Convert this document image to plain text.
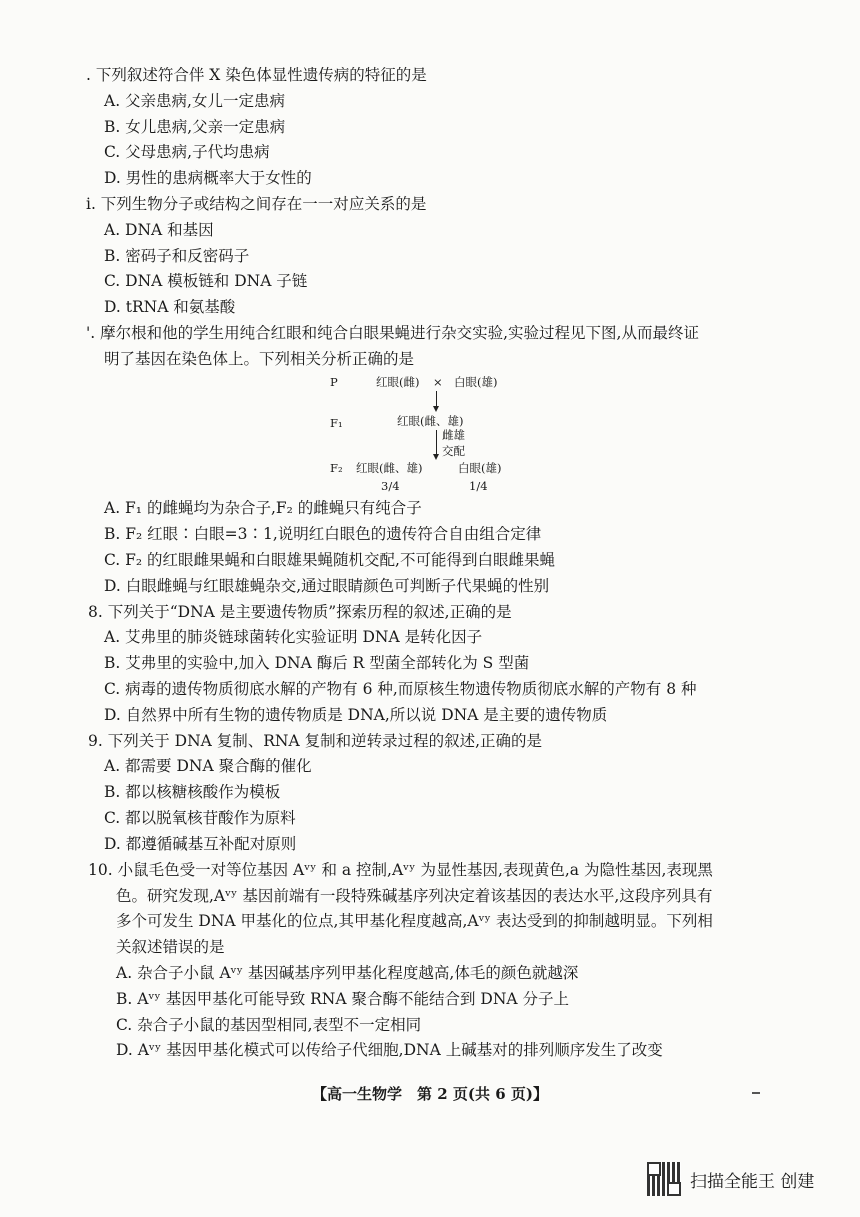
. 下列叙述符合伴 X 染色体显性遗传病的特征的是
A. 父亲患病,女儿一定患病
B. 女儿患病,父亲一定患病
C. 父母患病,子代均患病
D. 男性的患病概率大于女性的
i. 下列生物分子或结构之间存在一一对应关系的是
A. DNA 和基因
B. 密码子和反密码子
C. DNA 模板链和 DNA 子链
D. tRNA 和氨基酸
'. 摩尔根和他的学生用纯合红眼和纯合白眼果蝇进行杂交实验,实验过程见下图,从而最终证
明了基因在染色体上。下列相关分析正确的是
P	红眼(雌) × 白眼(雄)
F₁	红眼(雌、雄)
雌雄
交配
F₂ 红眼(雌、雄)	白眼(雄)
3/4	1/4
A. F₁ 的雌蝇均为杂合子,F₂ 的雌蝇只有纯合子
B. F₂ 红眼∶白眼=3∶1,说明红白眼色的遗传符合自由组合定律
C. F₂ 的红眼雌果蝇和白眼雄果蝇随机交配,不可能得到白眼雌果蝇
D. 白眼雌蝇与红眼雄蝇杂交,通过眼睛颜色可判断子代果蝇的性别
8. 下列关于“DNA 是主要遗传物质”探索历程的叙述,正确的是
A. 艾弗里的肺炎链球菌转化实验证明 DNA 是转化因子
B. 艾弗里的实验中,加入 DNA 酶后 R 型菌全部转化为 S 型菌
C. 病毒的遗传物质彻底水解的产物有 6 种,而原核生物遗传物质彻底水解的产物有 8 种
D. 自然界中所有生物的遗传物质是 DNA,所以说 DNA 是主要的遗传物质
9. 下列关于 DNA 复制、RNA 复制和逆转录过程的叙述,正确的是
A. 都需要 DNA 聚合酶的催化
B. 都以核糖核酸作为模板
C. 都以脱氧核苷酸作为原料
D. 都遵循碱基互补配对原则
10. 小鼠毛色受一对等位基因 Aᵛʸ 和 a 控制,Aᵛʸ 为显性基因,表现黄色,a 为隐性基因,表现黑
色。研究发现,Aᵛʸ 基因前端有一段特殊碱基序列决定着该基因的表达水平,这段序列具有
多个可发生 DNA 甲基化的位点,其甲基化程度越高,Aᵛʸ 表达受到的抑制越明显。下列相
关叙述错误的是
A. 杂合子小鼠 Aᵛʸ 基因碱基序列甲基化程度越高,体毛的颜色就越深
B. Aᵛʸ 基因甲基化可能导致 RNA 聚合酶不能结合到 DNA 分子上
C. 杂合子小鼠的基因型相同,表型不一定相同
D. Aᵛʸ 基因甲基化模式可以传给子代细胞,DNA 上碱基对的排列顺序发生了改变
【高一生物学　第 2 页(共 6 页)】
扫描全能王 创建
